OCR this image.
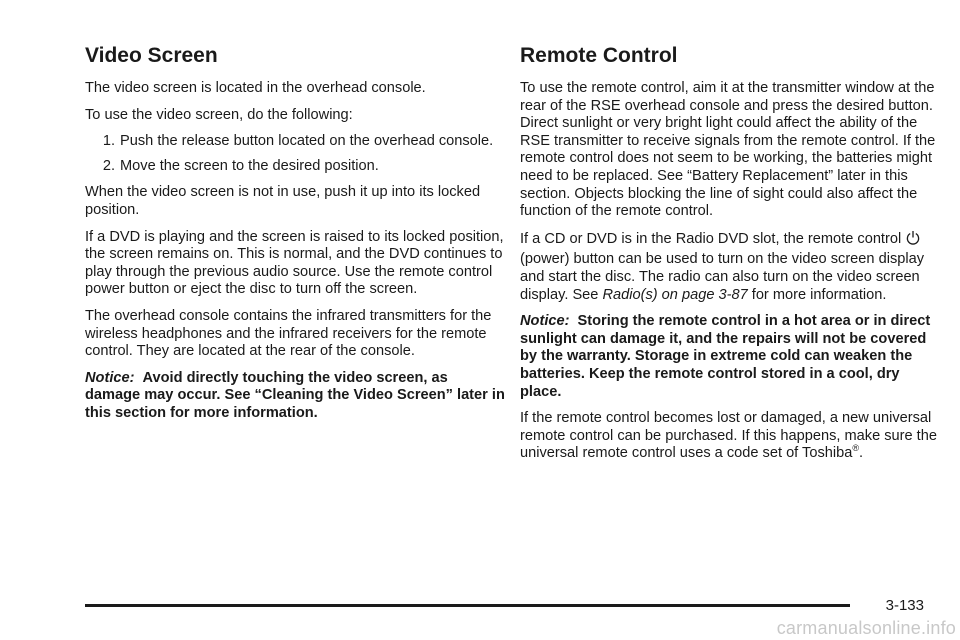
Video Screen

The video screen is located in the overhead console.

To use the video screen, do the following:

1. Push the release button located on the overhead console.
2. Move the screen to the desired position.

When the video screen is not in use, push it up into its locked position.

If a DVD is playing and the screen is raised to its locked position, the screen remains on. This is normal, and the DVD continues to play through the previous audio source. Use the remote control power button or eject the disc to turn off the screen.

The overhead console contains the infrared transmitters for the wireless headphones and the infrared receivers for the remote control. They are located at the rear of the console.

Notice: Avoid directly touching the video screen, as damage may occur. See “Cleaning the Video Screen” later in this section for more information.

Remote Control

To use the remote control, aim it at the transmitter window at the rear of the RSE overhead console and press the desired button. Direct sunlight or very bright light could affect the ability of the RSE transmitter to receive signals from the remote control. If the remote control does not seem to be working, the batteries might need to be replaced. See “Battery Replacement” later in this section. Objects blocking the line of sight could also affect the function of the remote control.

If a CD or DVD is in the Radio DVD slot, the remote control  (power) button can be used to turn on the video screen display and start the disc. The radio can also turn on the video screen display. See Radio(s) on page 3-87 for more information.

Notice: Storing the remote control in a hot area or in direct sunlight can damage it, and the repairs will not be covered by the warranty. Storage in extreme cold can weaken the batteries. Keep the remote control stored in a cool, dry place.

If the remote control becomes lost or damaged, a new universal remote control can be purchased. If this happens, make sure the universal remote control uses a code set of Toshiba®.

3-133
carmanualsonline.info
